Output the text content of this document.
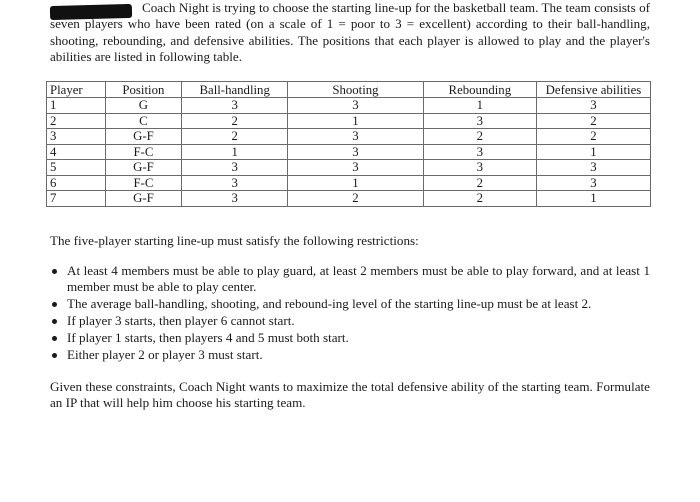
Coach Night is trying to choose the starting line-up for the basketball team. The team consists of seven players who have been rated (on a scale of 1 = poor to 3 = excellent) according to their ball-handling, shooting, rebounding, and defensive abilities. The positions that each player is allowed to play and the player's abilities are listed in following table.

Player	Position	Ball-handling	Shooting	Rebounding	Defensive abilities
1	G	3	3	1	3
2	C	2	1	3	2
3	G-F	2	3	2	2
4	F-C	1	3	3	1
5	G-F	3	3	3	3
6	F-C	3	1	2	3
7	G-F	3	2	2	1

The five-player starting line-up must satisfy the following restrictions:

At least 4 members must be able to play guard, at least 2 members must be able to play forward, and at least 1 member must be able to play center.
The average ball-handling, shooting, and rebound-ing level of the starting line-up must be at least 2.
If player 3 starts, then player 6 cannot start.
If player 1 starts, then players 4 and 5 must both start.
Either player 2 or player 3 must start.

Given these constraints, Coach Night wants to maximize the total defensive ability of the starting team. Formulate an IP that will help him choose his starting team.
